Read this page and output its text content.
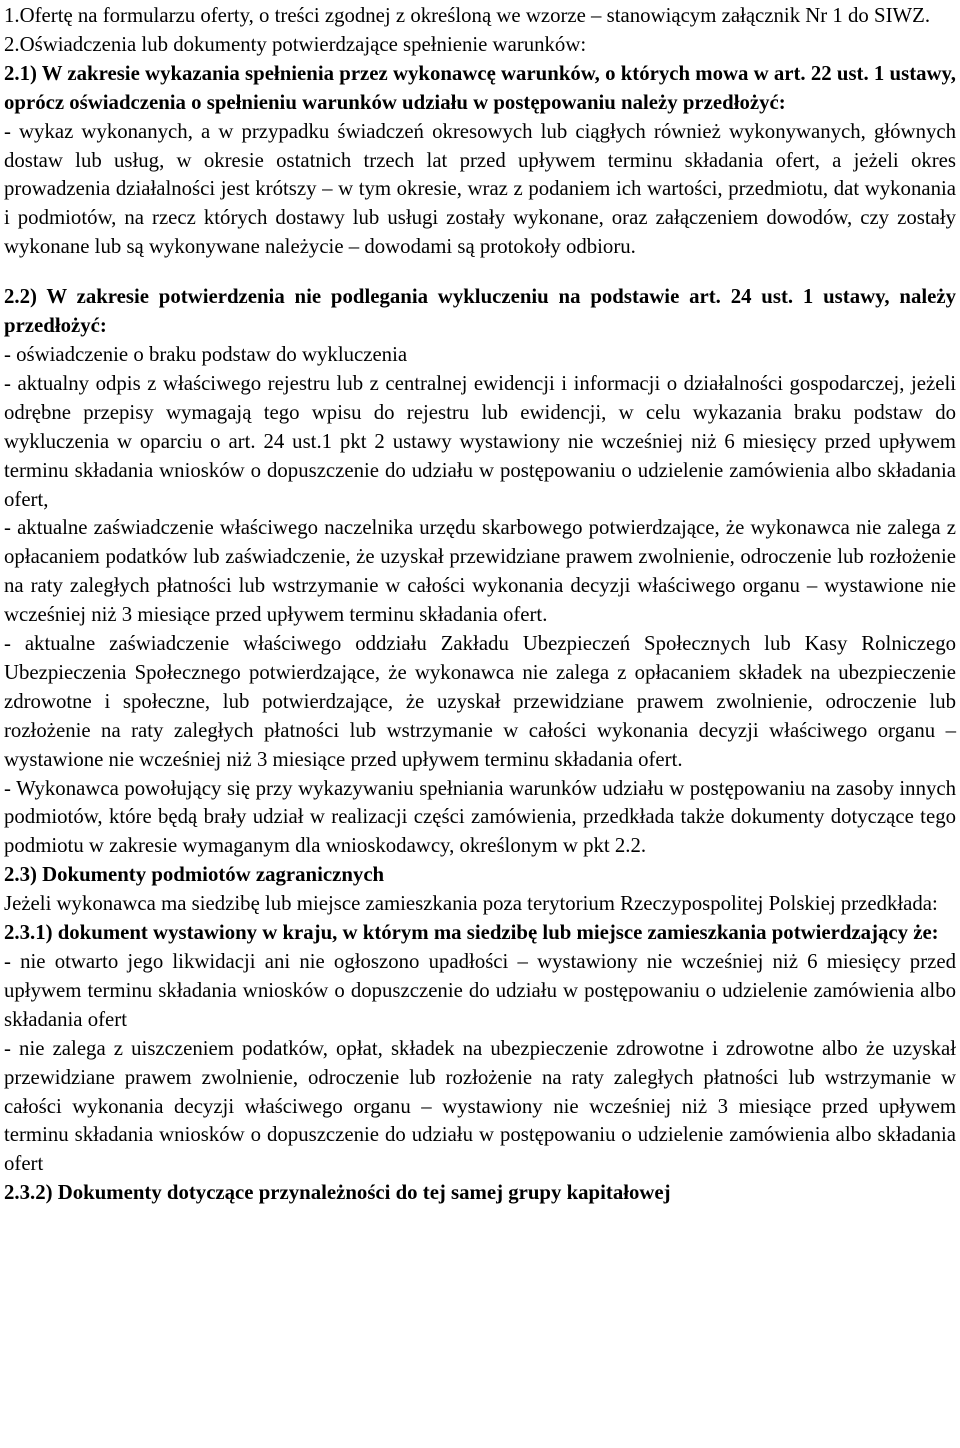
1.Ofertę na formularzu oferty, o treści zgodnej z określoną we wzorze – stanowiącym załącznik Nr 1 do SIWZ.

2.Oświadczenia lub dokumenty potwierdzające spełnienie warunków:

2.1) W zakresie wykazania spełnienia przez wykonawcę warunków, o których mowa w art. 22 ust. 1 ustawy, oprócz oświadczenia o spełnieniu warunków udziału w postępowaniu należy przedłożyć:

- wykaz wykonanych, a w przypadku świadczeń okresowych lub ciągłych również wykonywanych, głównych dostaw lub usług, w okresie ostatnich trzech lat przed upływem terminu składania ofert, a jeżeli okres prowadzenia działalności jest krótszy – w tym okresie, wraz z podaniem ich wartości, przedmiotu, dat wykonania i podmiotów, na rzecz których dostawy lub usługi zostały wykonane, oraz załączeniem dowodów, czy zostały wykonane lub są wykonywane należycie – dowodami są protokoły odbioru.

2.2) W zakresie potwierdzenia nie podlegania wykluczeniu na podstawie art. 24 ust. 1 ustawy, należy przedłożyć:

- oświadczenie o braku podstaw do wykluczenia

- aktualny odpis z właściwego rejestru lub z centralnej ewidencji i informacji o działalności gospodarczej, jeżeli odrębne przepisy wymagają tego wpisu do rejestru lub ewidencji, w celu wykazania braku podstaw do wykluczenia w oparciu o art. 24 ust.1 pkt 2 ustawy wystawiony nie wcześniej niż 6 miesięcy przed upływem terminu składania wniosków o dopuszczenie do udziału w postępowaniu o udzielenie zamówienia albo składania ofert,

- aktualne zaświadczenie właściwego naczelnika urzędu skarbowego potwierdzające, że wykonawca nie zalega z opłacaniem podatków lub zaświadczenie, że uzyskał przewidziane prawem zwolnienie, odroczenie lub rozłożenie na raty zaległych płatności lub wstrzymanie w całości wykonania decyzji właściwego organu – wystawione nie wcześniej niż 3 miesiące przed upływem terminu składania ofert.

- aktualne zaświadczenie właściwego oddziału Zakładu Ubezpieczeń Społecznych lub Kasy Rolniczego Ubezpieczenia Społecznego potwierdzające, że wykonawca nie zalega z opłacaniem składek na ubezpieczenie zdrowotne i społeczne, lub potwierdzające, że uzyskał przewidziane prawem zwolnienie, odroczenie lub rozłożenie na raty zaległych płatności lub wstrzymanie w całości wykonania decyzji właściwego organu – wystawione nie wcześniej niż 3 miesiące przed upływem terminu składania ofert.

- Wykonawca powołujący się przy wykazywaniu spełniania warunków udziału w postępowaniu na zasoby innych podmiotów, które będą brały udział w realizacji części zamówienia, przedkłada także dokumenty dotyczące tego podmiotu w zakresie wymaganym dla wnioskodawcy, określonym w pkt 2.2.

2.3) Dokumenty podmiotów zagranicznych

Jeżeli wykonawca ma siedzibę lub miejsce zamieszkania poza terytorium Rzeczypospolitej Polskiej przedkłada:

2.3.1) dokument wystawiony w kraju, w którym ma siedzibę lub miejsce zamieszkania potwierdzający że:

- nie otwarto jego likwidacji ani nie ogłoszono upadłości – wystawiony nie wcześniej niż 6 miesięcy przed upływem terminu składania wniosków o dopuszczenie do udziału w postępowaniu o udzielenie zamówienia albo składania ofert

- nie zalega z uiszczeniem podatków, opłat, składek na ubezpieczenie zdrowotne i zdrowotne albo że uzyskał przewidziane prawem zwolnienie, odroczenie lub rozłożenie na raty zaległych płatności lub wstrzymanie w całości wykonania decyzji właściwego organu – wystawiony nie wcześniej niż 3 miesiące przed upływem terminu składania wniosków o dopuszczenie do udziału w postępowaniu o udzielenie zamówienia albo składania ofert

2.3.2) Dokumenty dotyczące przynależności do tej samej grupy kapitałowej
